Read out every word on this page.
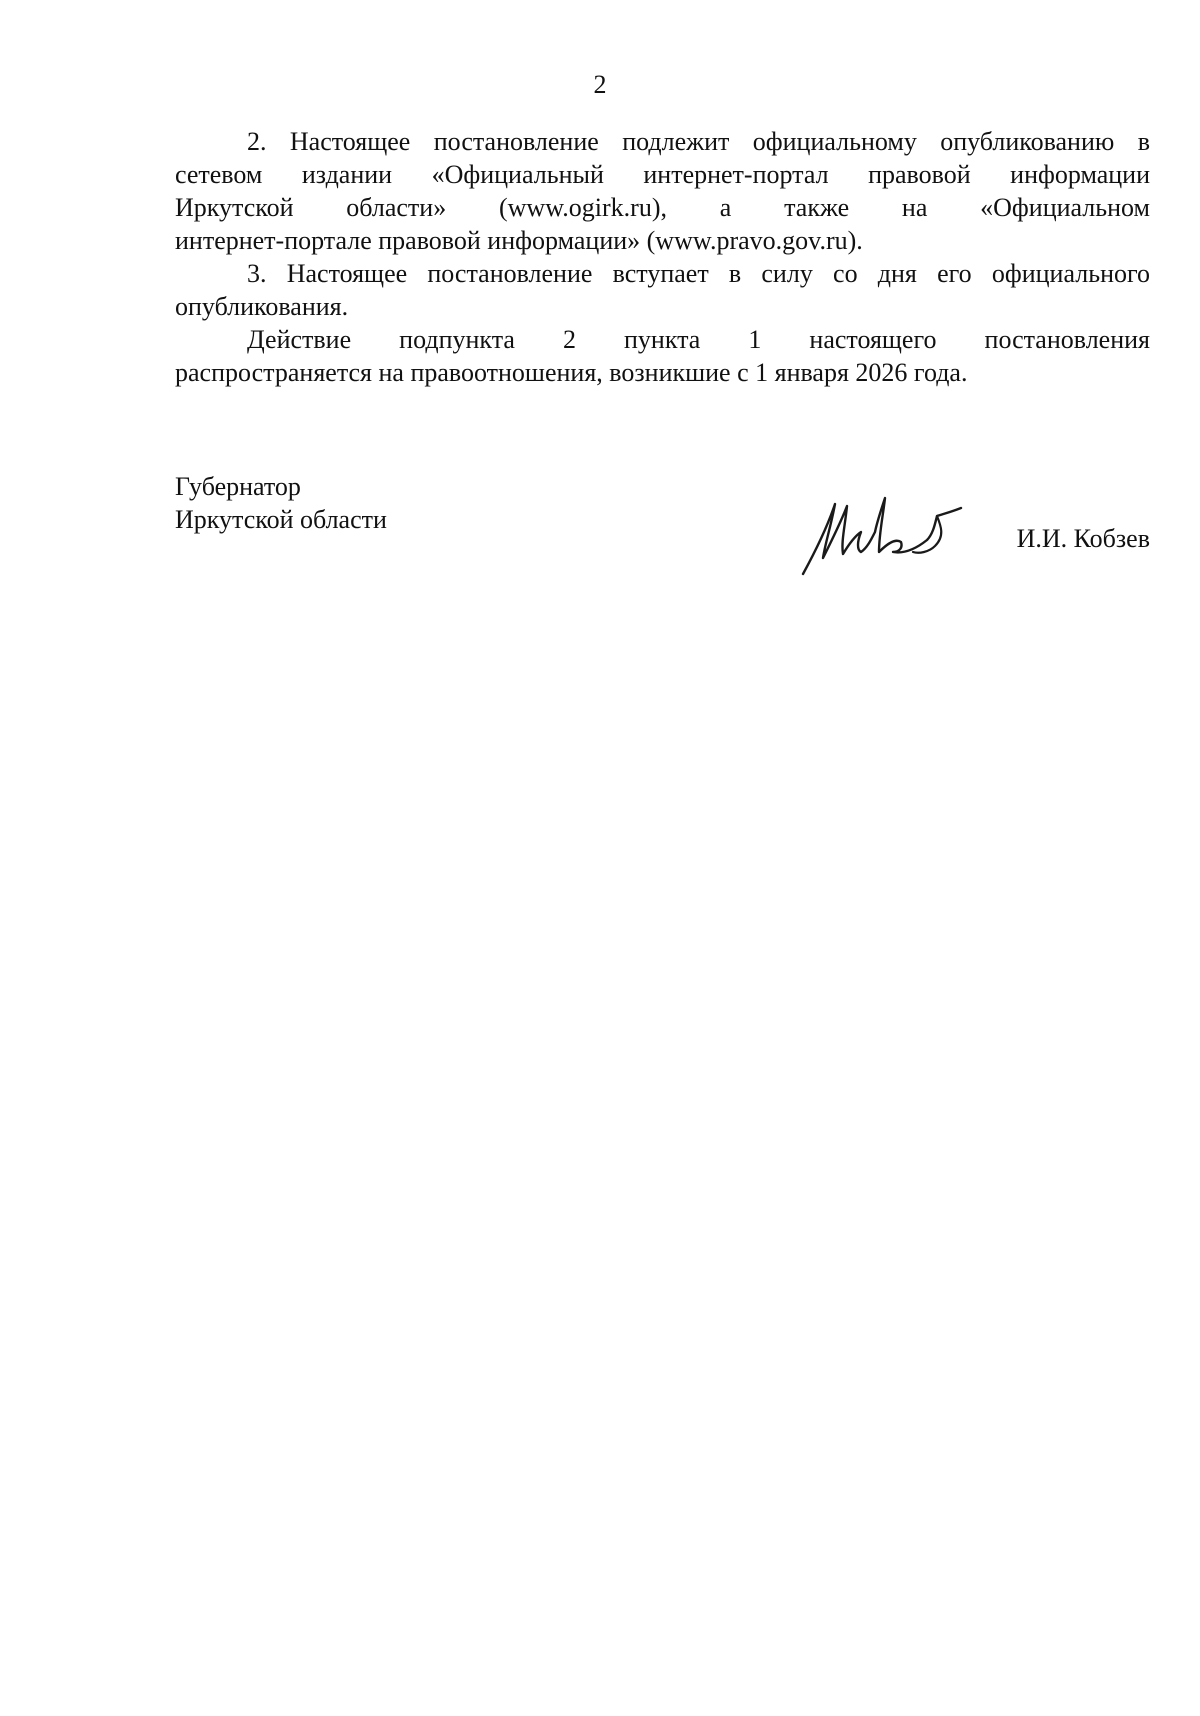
2

2. Настоящее постановление подлежит официальному опубликованию в
сетевом издании «Официальный интернет-портал правовой информации
Иркутской области» (www.ogirk.ru), а также на «Официальном
интернет-портале правовой информации» (www.pravo.gov.ru).

3. Настоящее постановление вступает в силу со дня его официального
опубликования.

Действие подпункта 2 пункта 1 настоящего постановления
распространяется на правоотношения, возникшие с 1 января 2026 года.

Губернатор
Иркутской области
И.И. Кобзев
